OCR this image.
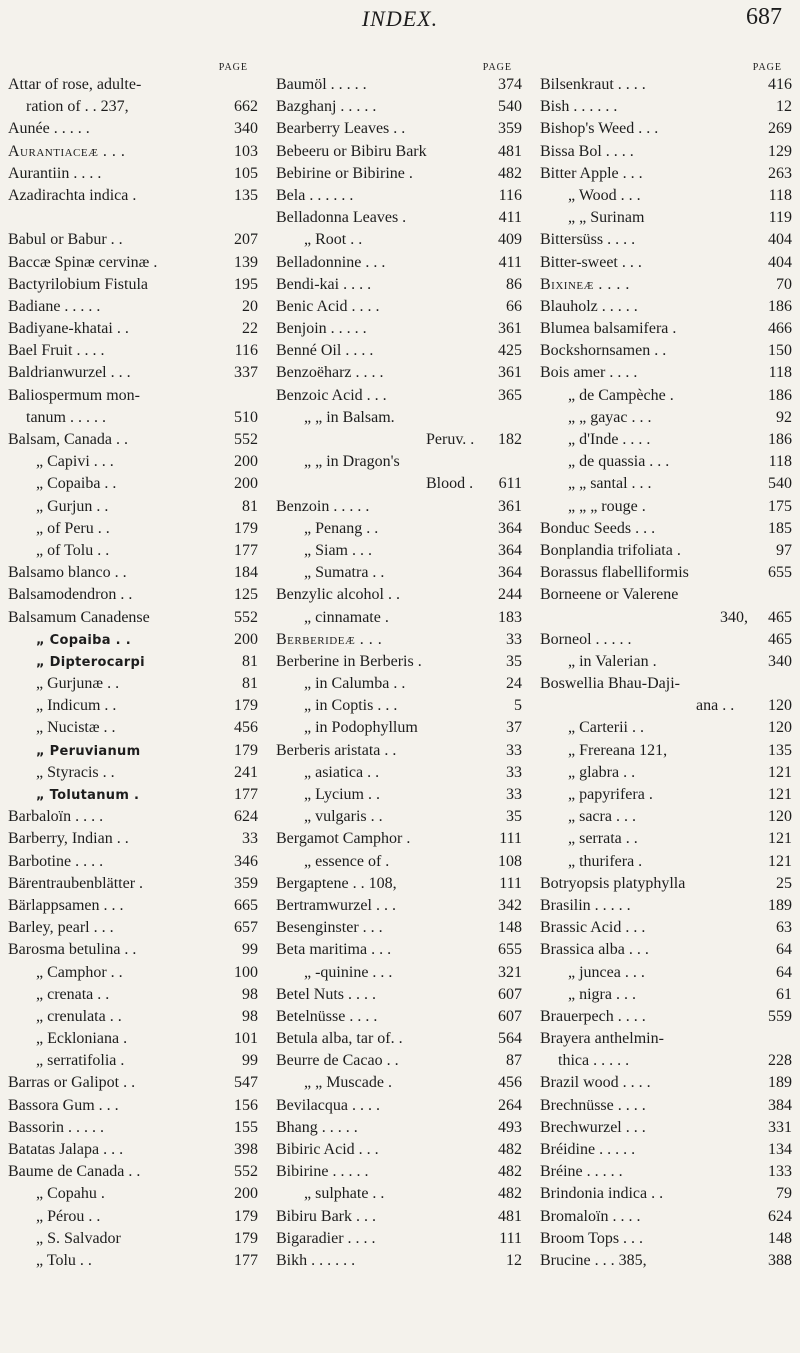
INDEX.	687
PAGE
Attar of rose, adulte-
ration of . . 237,	662
Aunée . . . . .	340
Aurantiaceæ . . .	103
Aurantiin . . . .	105
Azadirachta indica .	135
Babul or Babur . .	207
Baccæ Spinæ cervinæ .	139
Bactyrilobium Fistula	195
Badiane . . . . .	20
Badiyane-khatai . .	22
Bael Fruit . . . .	116
Baldrianwurzel . . .	337
Baliospermum mon-
tanum . . . . .	510
Balsam, Canada . .	552
„ Capivi . . .	200
„ Copaiba . .	200
„ Gurjun . .	81
„ of Peru . .	179
„ of Tolu . .	177
Balsamo blanco . .	184
Balsamodendron . .	125
Balsamum Canadense	552
„ Copaiba . .	200
„ Dipterocarpi	81
„ Gurjunæ . .	81
„ Indicum . .	179
„ Nucistæ . .	456
„ Peruvianum	179
„ Styracis . .	241
„ Tolutanum .	177
Barbaloïn . . . .	624
Barberry, Indian . .	33
Barbotine . . . .	346
Bärentraubenblätter .	359
Bärlappsamen . . .	665
Barley, pearl . . .	657
Barosma betulina . .	99
„ Camphor . .	100
„ crenata . .	98
„ crenulata . .	98
„ Eckloniana .	101
„ serratifolia .	99
Barras or Galipot . .	547
Bassora Gum . . .	156
Bassorin . . . . .	155
Batatas Jalapa . . .	398
Baume de Canada . .	552
„ Copahu .	200
„ Pérou . .	179
„ S. Salvador	179
„ Tolu . .	177
PAGE
Baumöl . . . . .	374
Bazghanj . . . . .	540
Bearberry Leaves . .	359
Bebeeru or Bibiru Bark	481
Bebirine or Bibirine .	482
Bela . . . . . .	116
Belladonna Leaves .	411
„ Root . .	409
Belladonnine . . .	411
Bendi-kai . . . .	86
Benic Acid . . . .	66
Benjoin . . . . .	361
Benné Oil . . . .	425
Benzoëharz . . . .	361
Benzoic Acid . . .	365
„ „ in Balsam.
Peruv. .	182
„ „ in Dragon's
Blood .	611
Benzoin . . . . .	361
„ Penang . .	364
„ Siam . . .	364
„ Sumatra . .	364
Benzylic alcohol . .	244
„ cinnamate .	183
Berberideæ . . .	33
Berberine in Berberis .	35
„ in Calumba . .	24
„ in Coptis . . .	5
„ in Podophyllum	37
Berberis aristata . .	33
„ asiatica . .	33
„ Lycium . .	33
„ vulgaris . .	35
Bergamot Camphor .	111
„ essence of .	108
Bergaptene . . 108,	111
Bertramwurzel . . .	342
Besenginster . . .	148
Beta maritima . . .	655
„ -quinine . . .	321
Betel Nuts . . . .	607
Betelnüsse . . . .	607
Betula alba, tar of. .	564
Beurre de Cacao . .	87
„ „ Muscade .	456
Bevilacqua . . . .	264
Bhang . . . . .	493
Bibiric Acid . . .	482
Bibirine . . . . .	482
„ sulphate . .	482
Bibiru Bark . . .	481
Bigaradier . . . .	111
Bikh . . . . . .	12
PAGE
Bilsenkraut . . . .	416
Bish . . . . . .	12
Bishop's Weed . . .	269
Bissa Bol . . . .	129
Bitter Apple . . .	263
„ Wood . . .	118
„ „ Surinam	119
Bittersüss . . . .	404
Bitter-sweet . . .	404
Bixineæ . . . .	70
Blauholz . . . . .	186
Blumea balsamifera .	466
Bockshornsamen . .	150
Bois amer . . . .	118
„ de Campèche .	186
„ „ gayac . . .	92
„ d'Inde . . . .	186
„ de quassia . . .	118
„ „ santal . . .	540
„ „ „ rouge .	175
Bonduc Seeds . . .	185
Bonplandia trifoliata .	97
Borassus flabelliformis	655
Borneene or Valerene
340,	465
Borneol . . . . .	465
„ in Valerian .	340
Boswellia Bhau-Daji-
ana . .	120
„ Carterii . .	120
„ Frereana 121,	135
„ glabra . .	121
„ papyrifera .	121
„ sacra . . .	120
„ serrata . .	121
„ thurifera .	121
Botryopsis platyphylla	25
Brasilin . . . . .	189
Brassic Acid . . .	63
Brassica alba . . .	64
„ juncea . . .	64
„ nigra . . .	61
Brauerpech . . . .	559
Brayera anthelmin-
thica . . . . .	228
Brazil wood . . . .	189
Brechnüsse . . . .	384
Brechwurzel . . .	331
Bréidine . . . . .	134
Bréine . . . . .	133
Brindonia indica . .	79
Bromaloïn . . . .	624
Broom Tops . . .	148
Brucine . . . 385,	388
